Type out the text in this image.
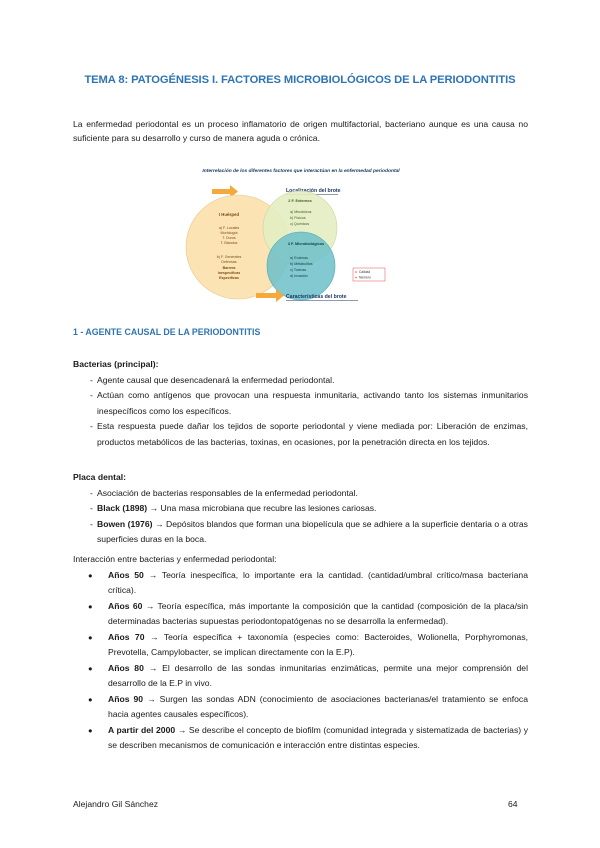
TEMA 8: PATOGÉNESIS I. FACTORES MICROBIOLÓGICOS DE LA PERIODONTITIS

La enfermedad periodontal es un proceso inflamatorio de origen multifactorial, bacteriano aunque es una causa no suficiente para su desarrollo y curso de manera aguda o crónica.

Interrelación de los diferentes factores que interactúan en la enfermedad periodontal
Localización del brote
I Huésped
a) F. Locales
Morfología
T. Duros
T. Blandos
b) F. Generales
Defensas
Barrera
Inespecíficas
Específicas
2 F. Externos
a) Mecánicos
b) Físicos
c) Químicos
3 F. Microbiológicos
a) Enzimas
b) Metabolitos
c) Toxinas
d) Invasión
Calidad
Número
Características del brote
1 - AGENTE CAUSAL DE LA PERIODONTITIS
Bacterias (principal):
- Agente causal que desencadenará la enfermedad periodontal.
- Actúan como antígenos que provocan una respuesta inmunitaria, activando tanto los sistemas inmunitarios inespecíficos como los específicos.
- Esta respuesta puede dañar los tejidos de soporte periodontal y viene mediada por: Liberación de enzimas, productos metabólicos de las bacterias, toxinas, en ocasiones, por la penetración directa en los tejidos.
Placa dental:
- Asociación de bacterias responsables de la enfermedad periodontal.
- Black (1898) → Una masa microbiana que recubre las lesiones cariosas.
- Bowen (1976) → Depósitos blandos que forman una biopelícula que se adhiere a la superficie dentaria o a otras superficies duras en la boca.

Interacción entre bacterias y enfermedad periodontal:

● Años 50 → Teoría inespecífica, lo importante era la cantidad. (cantidad/umbral crítico/masa bacteriana crítica).
● Años 60 → Teoría específica, más importante la composición que la cantidad (composición de la placa/sin determinadas bacterias supuestas periodontopatógenas no se desarrolla la enfermedad).
● Años 70 → Teoría específica + taxonomía (especies como: Bacteroides, Wolionella, Porphyromonas, Prevotella, Campylobacter, se implican directamente con la E.P).
● Años 80 → El desarrollo de las sondas inmunitarias enzimáticas, permite una mejor comprensión del desarrollo de la E.P in vivo.
● Años 90 → Surgen las sondas ADN (conocimiento de asociaciones bacterianas/el tratamiento se enfoca hacia agentes causales específicos).
● A partir del 2000 → Se describe el concepto de biofilm (comunidad integrada y sistematizada de bacterias) y se describen mecanismos de comunicación e interacción entre distintas especies.
Alejandro Gil Sánchez	64
